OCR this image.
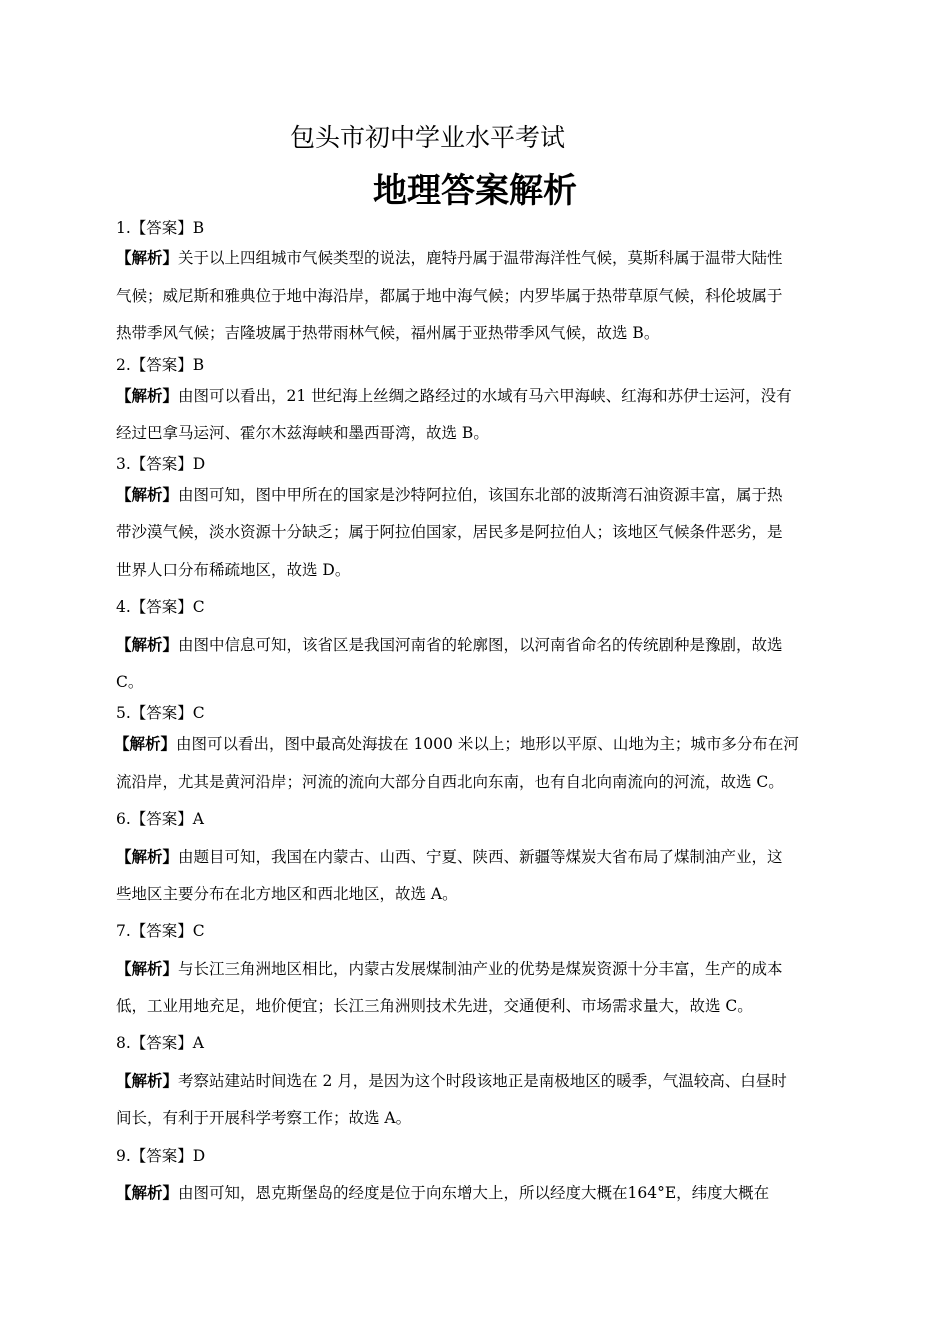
包头市初中学业水平考试
地理答案解析
1.【答案】B
【解析】关于以上四组城市气候类型的说法，鹿特丹属于温带海洋性气候，莫斯科属于温带大陆性
气候；威尼斯和雅典位于地中海沿岸，都属于地中海气候；内罗毕属于热带草原气候，科伦坡属于
热带季风气候；吉隆坡属于热带雨林气候，福州属于亚热带季风气候，故选 B。
2.【答案】B
【解析】由图可以看出，21 世纪海上丝绸之路经过的水域有马六甲海峡、红海和苏伊士运河，没有
经过巴拿马运河、霍尔木兹海峡和墨西哥湾，故选 B。
3.【答案】D
【解析】由图可知，图中甲所在的国家是沙特阿拉伯，该国东北部的波斯湾石油资源丰富，属于热
带沙漠气候，淡水资源十分缺乏；属于阿拉伯国家，居民多是阿拉伯人；该地区气候条件恶劣，是
世界人口分布稀疏地区，故选 D。
4.【答案】C
【解析】由图中信息可知，该省区是我国河南省的轮廓图，以河南省命名的传统剧种是豫剧，故选
C。
5.【答案】C
【解析】由图可以看出，图中最高处海拔在 1000 米以上；地形以平原、山地为主；城市多分布在河
流沿岸，尤其是黄河沿岸；河流的流向大部分自西北向东南，也有自北向南流向的河流，故选 C。
6.【答案】A
【解析】由题目可知，我国在内蒙古、山西、宁夏、陕西、新疆等煤炭大省布局了煤制油产业，这
些地区主要分布在北方地区和西北地区，故选 A。
7.【答案】C
【解析】与长江三角洲地区相比，内蒙古发展煤制油产业的优势是煤炭资源十分丰富，生产的成本
低，工业用地充足，地价便宜；长江三角洲则技术先进，交通便利、市场需求量大，故选 C。
8.【答案】A
【解析】考察站建站时间选在 2 月，是因为这个时段该地正是南极地区的暖季，气温较高、白昼时
间长，有利于开展科学考察工作；故选 A。
9.【答案】D
【解析】由图可知，恩克斯堡岛的经度是位于向东增大上，所以经度大概在164°E，纬度大概在
